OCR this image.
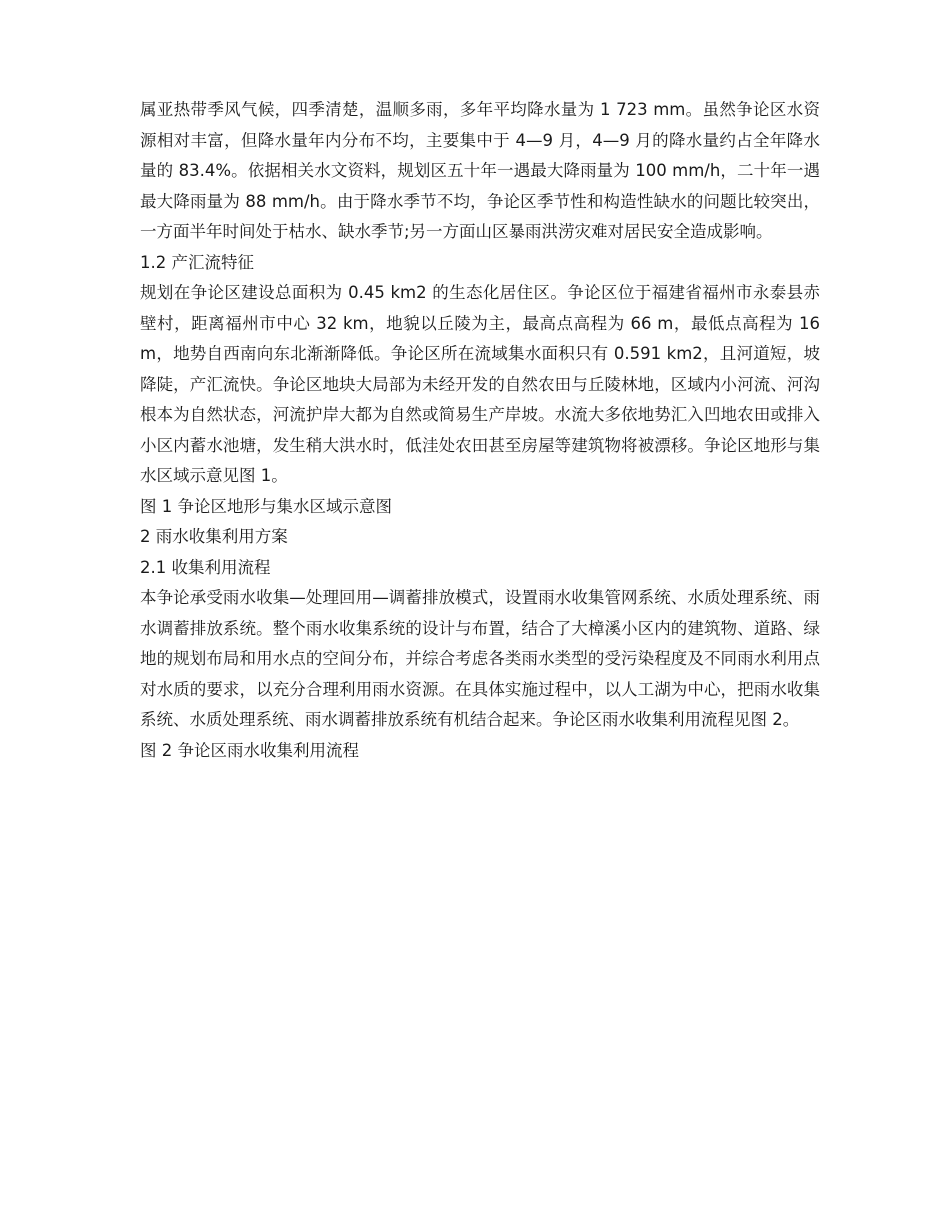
属亚热带季风气候，四季清楚，温顺多雨，多年平均降水量为 1 723 mm。虽然争论区水资源相对丰富，但降水量年内分布不均，主要集中于 4—9 月，4—9 月的降水量约占全年降水量的 83.4%。依据相关水文资料，规划区五十年一遇最大降雨量为 100 mm/h，二十年一遇最大降雨量为 88 mm/h。由于降水季节不均，争论区季节性和构造性缺水的问题比较突出，一方面半年时间处于枯水、缺水季节;另一方面山区暴雨洪涝灾难对居民安全造成影响。

1.2 产汇流特征

规划在争论区建设总面积为 0.45 km2 的生态化居住区。争论区位于福建省福州市永泰县赤壁村，距离福州市中心 32 km，地貌以丘陵为主，最高点高程为 66 m，最低点高程为 16 m，地势自西南向东北渐渐降低。争论区所在流域集水面积只有 0.591 km2，且河道短，坡降陡，产汇流快。争论区地块大局部为未经开发的自然农田与丘陵林地，区域内小河流、河沟根本为自然状态，河流护岸大都为自然或简易生产岸坡。水流大多依地势汇入凹地农田或排入小区内蓄水池塘，发生稍大洪水时，低洼处农田甚至房屋等建筑物将被漂移。争论区地形与集水区域示意见图 1。

图 1 争论区地形与集水区域示意图

2 雨水收集利用方案

2.1 收集利用流程

本争论承受雨水收集—处理回用—调蓄排放模式，设置雨水收集管网系统、水质处理系统、雨水调蓄排放系统。整个雨水收集系统的设计与布置，结合了大樟溪小区内的建筑物、道路、绿地的规划布局和用水点的空间分布，并综合考虑各类雨水类型的受污染程度及不同雨水利用点对水质的要求，以充分合理利用雨水资源。在具体实施过程中，以人工湖为中心，把雨水收集系统、水质处理系统、雨水调蓄排放系统有机结合起来。争论区雨水收集利用流程见图 2。

图 2 争论区雨水收集利用流程
